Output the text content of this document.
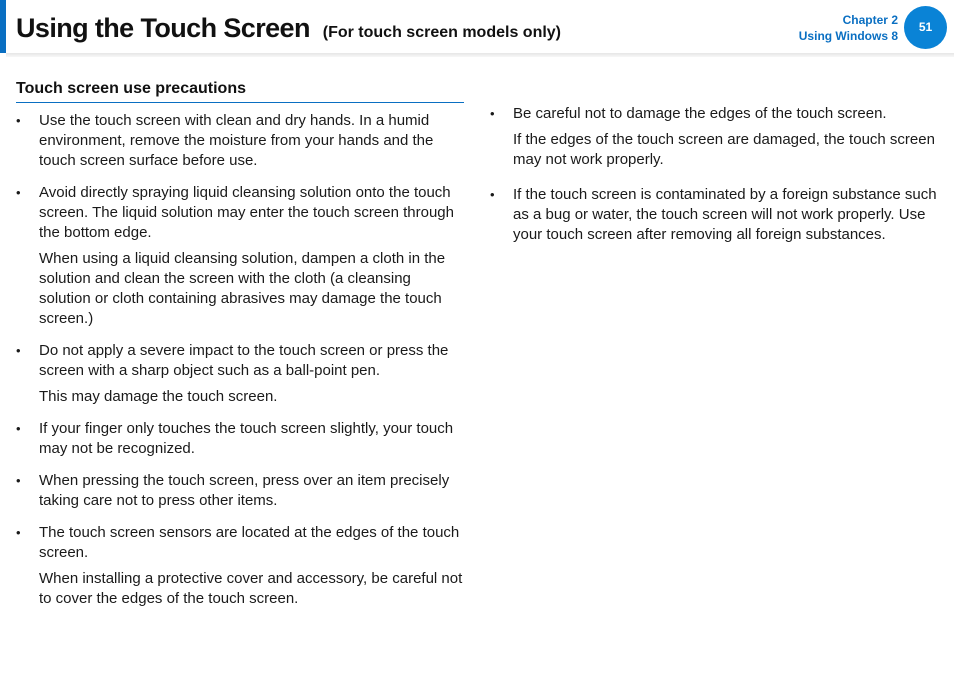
Using the Touch Screen (For touch screen models only)
Chapter 2
Using Windows 8
51
Touch screen use precautions
• Use the touch screen with clean and dry hands. In a humid environment, remove the moisture from your hands and the touch screen surface before use.

• Avoid directly spraying liquid cleansing solution onto the touch screen. The liquid solution may enter the touch screen through the bottom edge.

When using a liquid cleansing solution, dampen a cloth in the solution and clean the screen with the cloth (a cleansing solution or cloth containing abrasives may damage the touch screen.)

• Do not apply a severe impact to the touch screen or press the screen with a sharp object such as a ball-point pen.

This may damage the touch screen.

• If your finger only touches the touch screen slightly, your touch may not be recognized.

• When pressing the touch screen, press over an item precisely taking care not to press other items.

• The touch screen sensors are located at the edges of the touch screen.

When installing a protective cover and accessory, be careful not to cover the edges of the touch screen.

• Be careful not to damage the edges of the touch screen.

If the edges of the touch screen are damaged, the touch screen may not work properly.

• If the touch screen is contaminated by a foreign substance such as a bug or water, the touch screen will not work properly. Use your touch screen after removing all foreign substances.
